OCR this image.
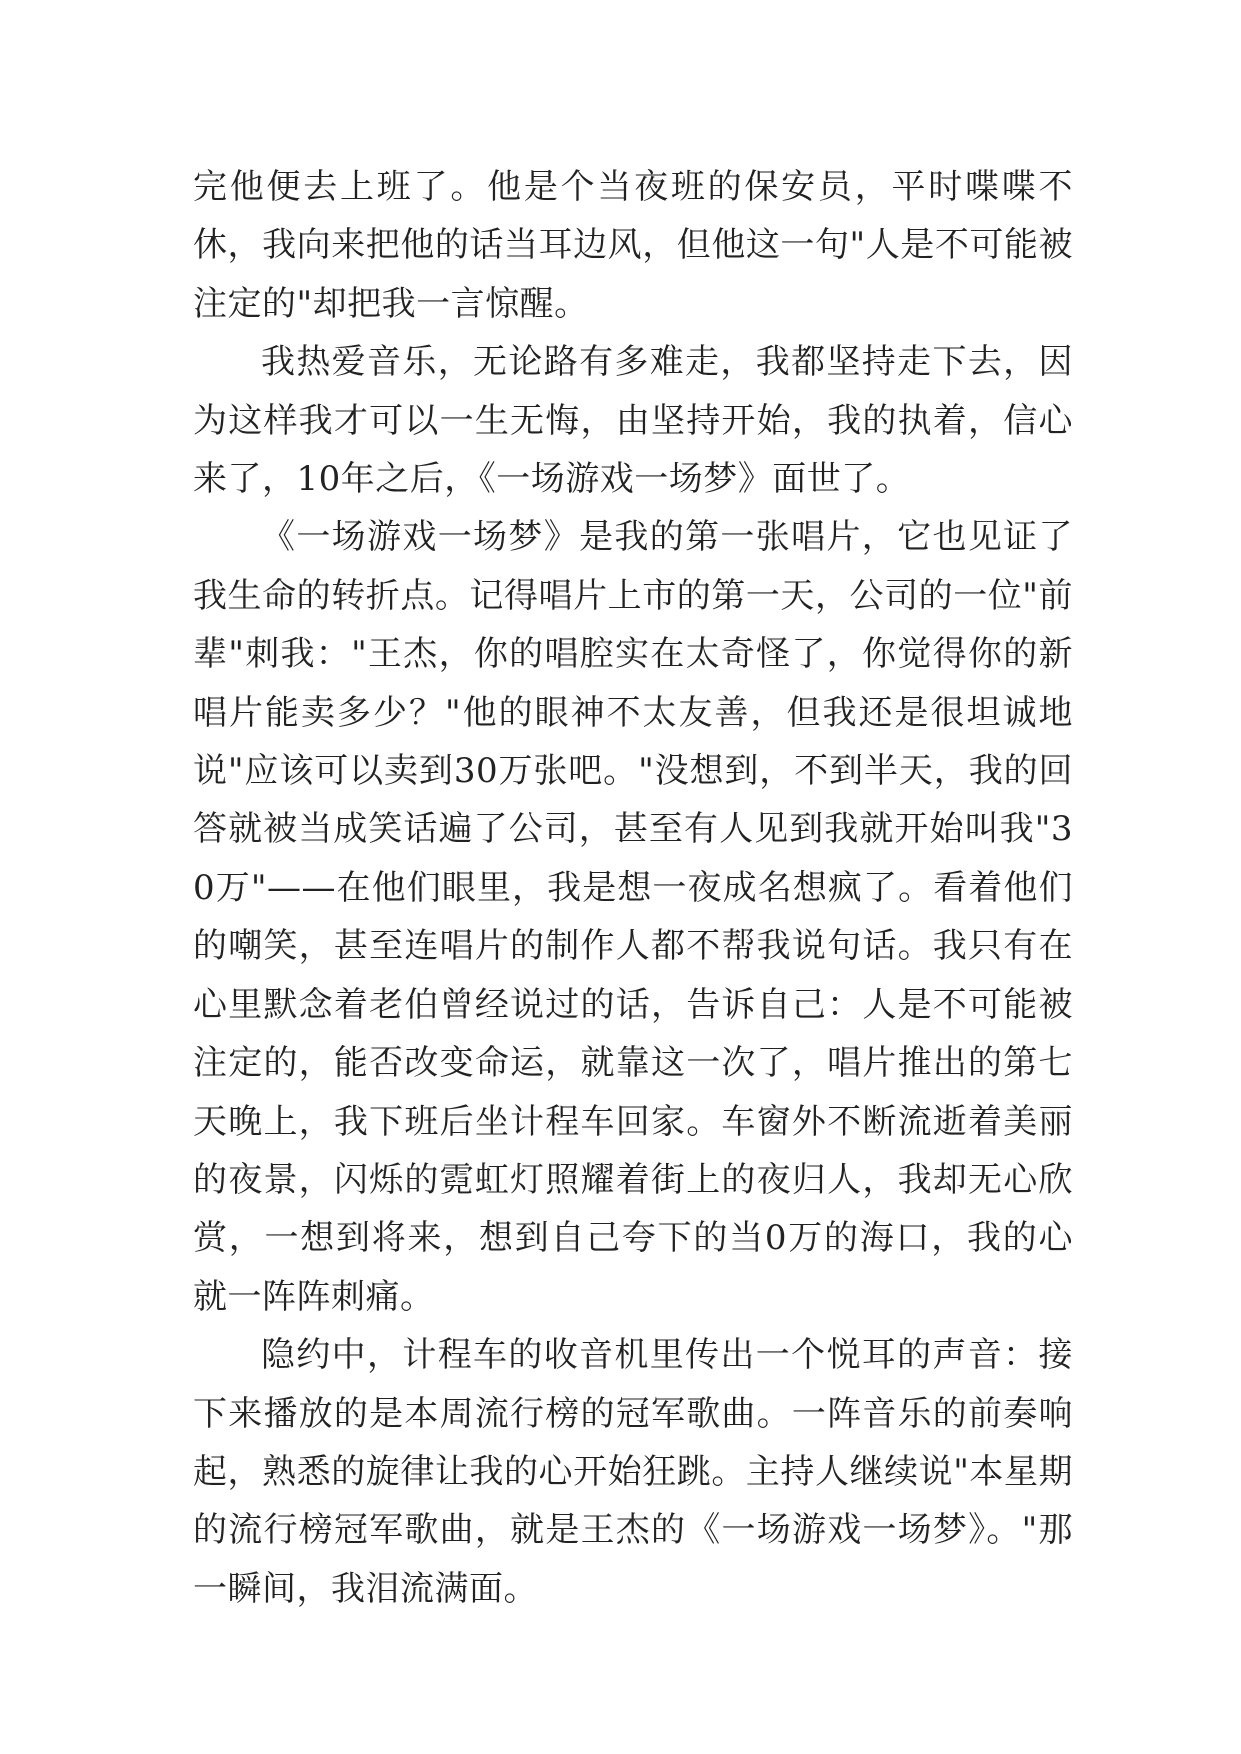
完他便去上班了。他是个当夜班的保安员，平时喋喋不休，我向来把他的话当耳边风，但他这一句"人是不可能被注定的"却把我一言惊醒。

我热爱音乐，无论路有多难走，我都坚持走下去，因为这样我才可以一生无悔，由坚持开始，我的执着，信心来了，10年之后，《一场游戏一场梦》面世了。

《一场游戏一场梦》是我的第一张唱片，它也见证了我生命的转折点。记得唱片上市的第一天，公司的一位"前辈"刺我："王杰，你的唱腔实在太奇怪了，你觉得你的新唱片能卖多少？"他的眼神不太友善，但我还是很坦诚地说"应该可以卖到30万张吧。"没想到，不到半天，我的回答就被当成笑话遍了公司，甚至有人见到我就开始叫我"30万"——在他们眼里，我是想一夜成名想疯了。看着他们的嘲笑，甚至连唱片的制作人都不帮我说句话。我只有在心里默念着老伯曾经说过的话，告诉自己：人是不可能被注定的，能否改变命运，就靠这一次了，唱片推出的第七天晚上，我下班后坐计程车回家。车窗外不断流逝着美丽的夜景，闪烁的霓虹灯照耀着街上的夜归人，我却无心欣赏，一想到将来，想到自己夸下的当0万的海口，我的心就一阵阵刺痛。

隐约中，计程车的收音机里传出一个悦耳的声音：接下来播放的是本周流行榜的冠军歌曲。一阵音乐的前奏响起，熟悉的旋律让我的心开始狂跳。主持人继续说"本星期的流行榜冠军歌曲，就是王杰的《一场游戏一场梦》。"那一瞬间，我泪流满面。
